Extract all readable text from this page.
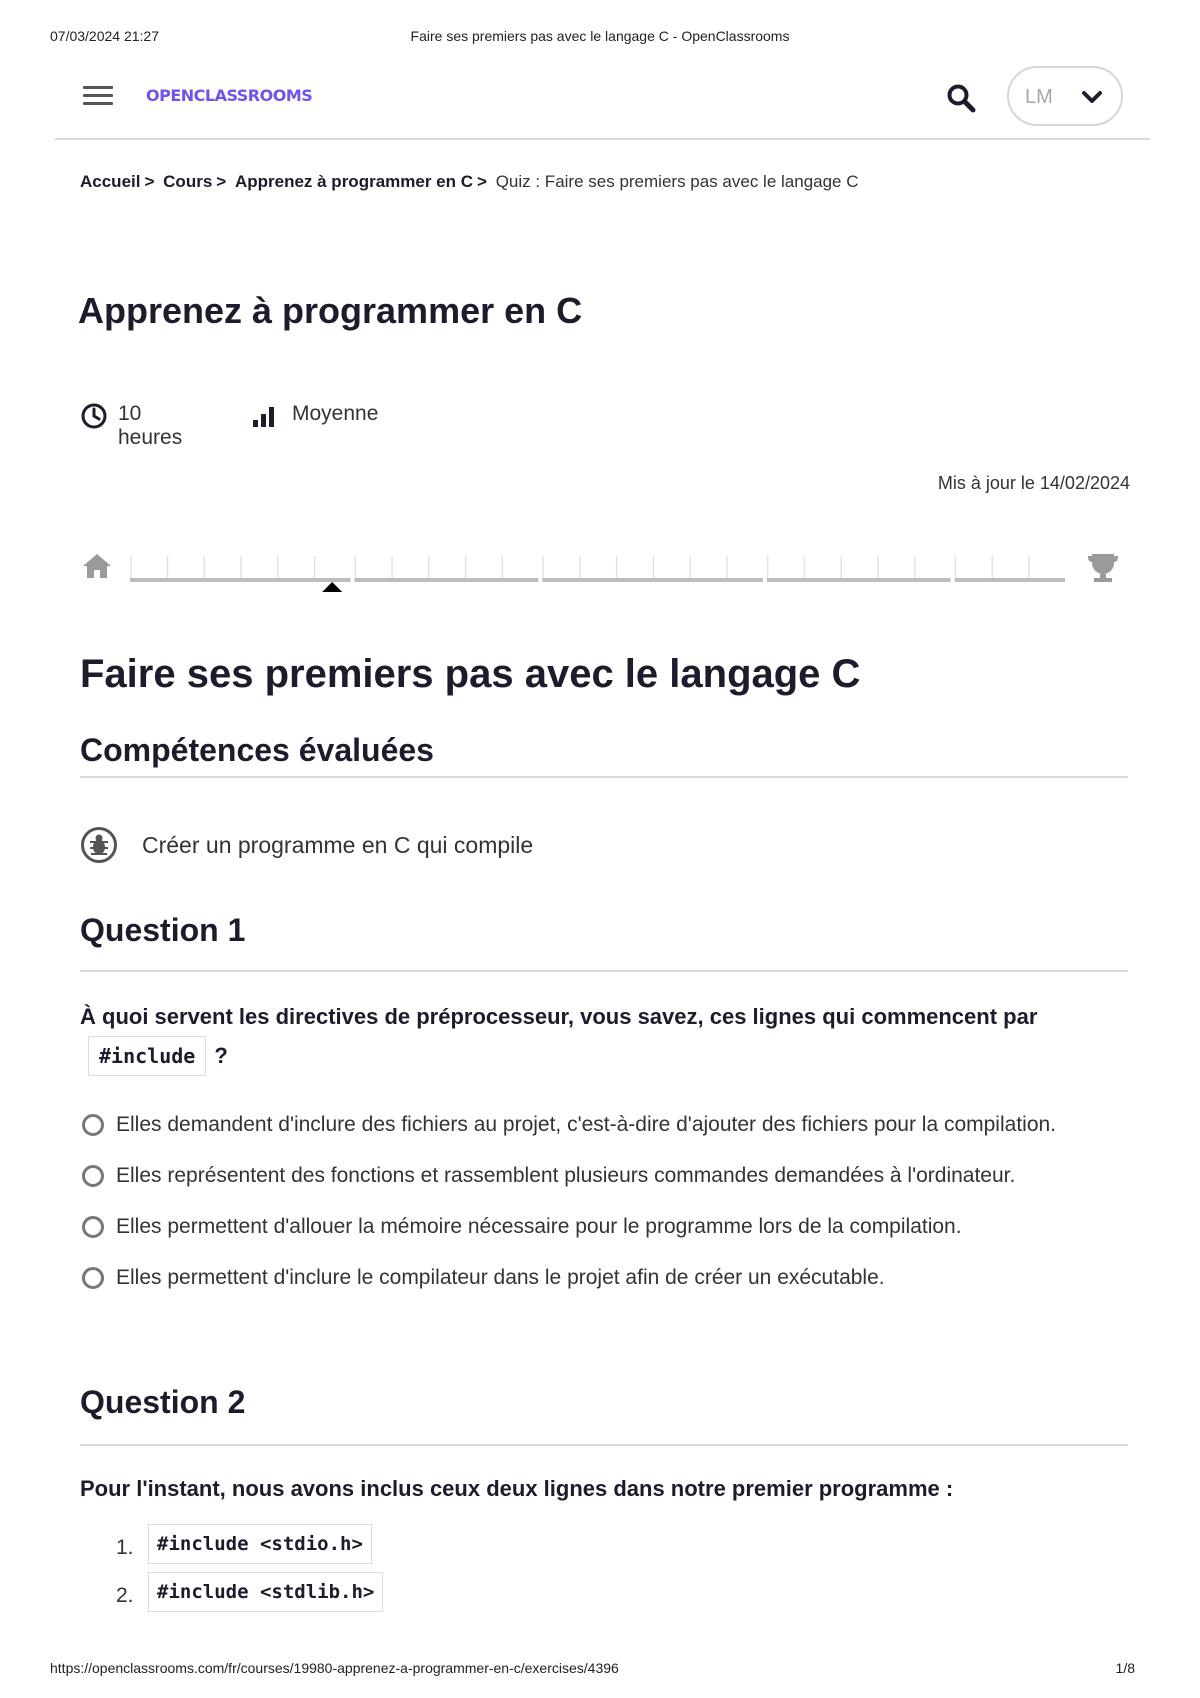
07/03/2024 21:27	Faire ses premiers pas avec le langage C - OpenClassrooms
OPENCLASSROOMS	LM
Accueil > Cours > Apprenez à programmer en C > Quiz : Faire ses premiers pas avec le langage C
Apprenez à programmer en C
10 heures
Moyenne
Mis à jour le 14/02/2024
Faire ses premiers pas avec le langage C
Compétences évaluées
Créer un programme en C qui compile
Question 1

À quoi servent les directives de préprocesseur, vous savez, ces lignes qui commencent par#include ?

Elles demandent d'inclure des fichiers au projet, c'est-à-dire d'ajouter des fichiers pour la compilation.
Elles représentent des fonctions et rassemblent plusieurs commandes demandées à l'ordinateur.
Elles permettent d'allouer la mémoire nécessaire pour le programme lors de la compilation.
Elles permettent d'inclure le compilateur dans le projet afin de créer un exécutable.
Question 2

Pour l'instant, nous avons inclus ceux deux lignes dans notre premier programme :

1.	#include <stdio.h>
2.	#include <stdlib.h>
https://openclassrooms.com/fr/courses/19980-apprenez-a-programmer-en-c/exercises/4396	1/8
